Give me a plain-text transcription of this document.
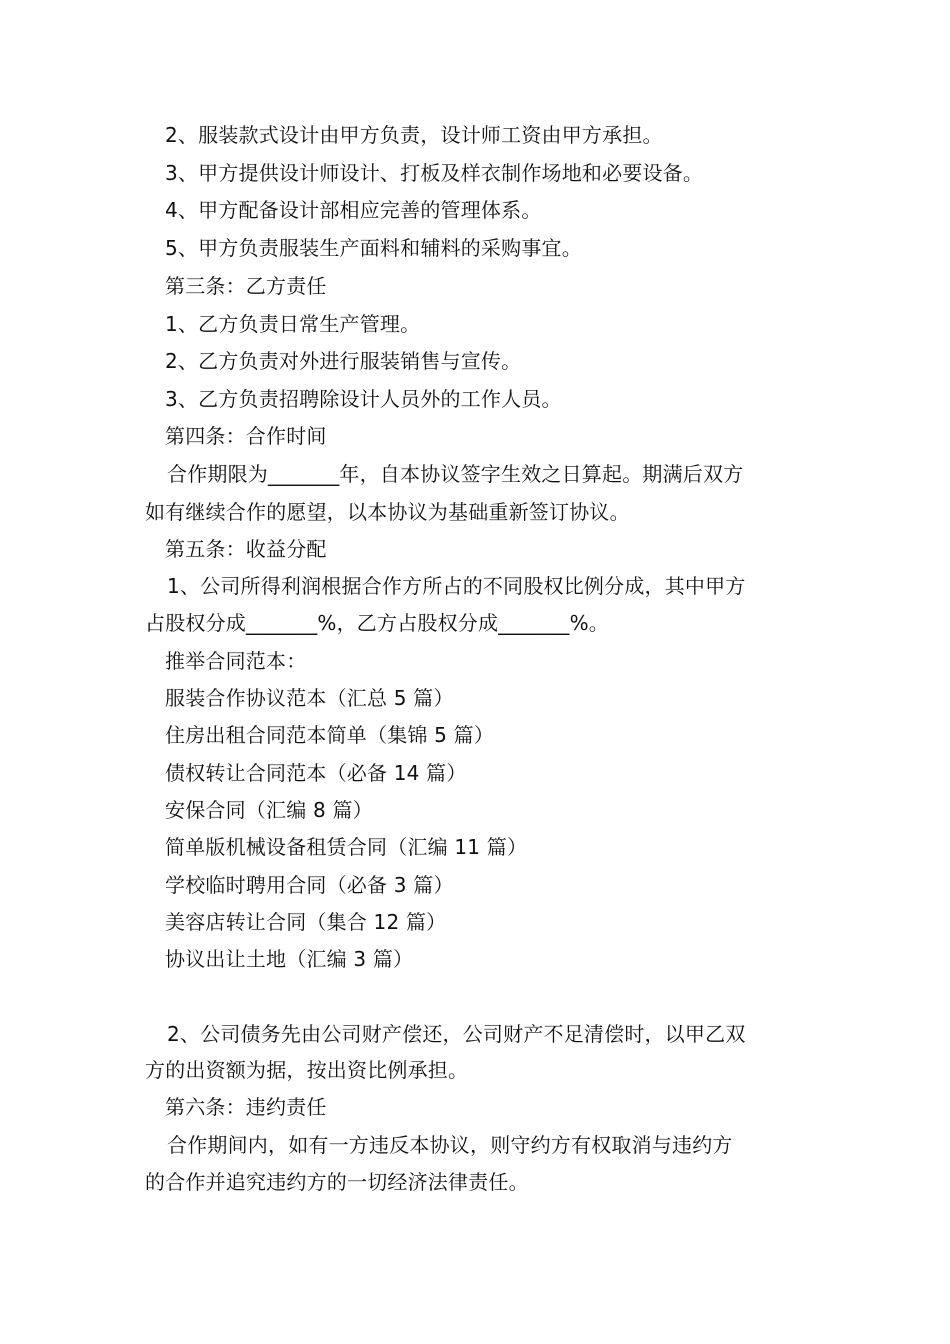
2、服装款式设计由甲方负责，设计师工资由甲方承担。

3、甲方提供设计师设计、打板及样衣制作场地和必要设备。

4、甲方配备设计部相应完善的管理体系。

5、甲方负责服装生产面料和辅料的采购事宜。

第三条：乙方责任

1、乙方负责日常生产管理。

2、乙方负责对外进行服装销售与宣传。

3、乙方负责招聘除设计人员外的工作人员。

第四条：合作时间

合作期限为_______年，自本协议签字生效之日算起。期满后双方

如有继续合作的愿望，以本协议为基础重新签订协议。

第五条：收益分配

1、公司所得利润根据合作方所占的不同股权比例分成，其中甲方

占股权分成_______%，乙方占股权分成_______%。

推举合同范本：

服装合作协议范本（汇总 5 篇）

住房出租合同范本简单（集锦 5 篇）

债权转让合同范本（必备 14 篇）

安保合同（汇编 8 篇）

简单版机械设备租赁合同（汇编 11 篇）

学校临时聘用合同（必备 3 篇）

美容店转让合同（集合 12 篇）

协议出让土地（汇编 3 篇）

2、公司债务先由公司财产偿还，公司财产不足清偿时，以甲乙双

方的出资额为据，按出资比例承担。

第六条：违约责任

合作期间内，如有一方违反本协议，则守约方有权取消与违约方

的合作并追究违约方的一切经济法律责任。
